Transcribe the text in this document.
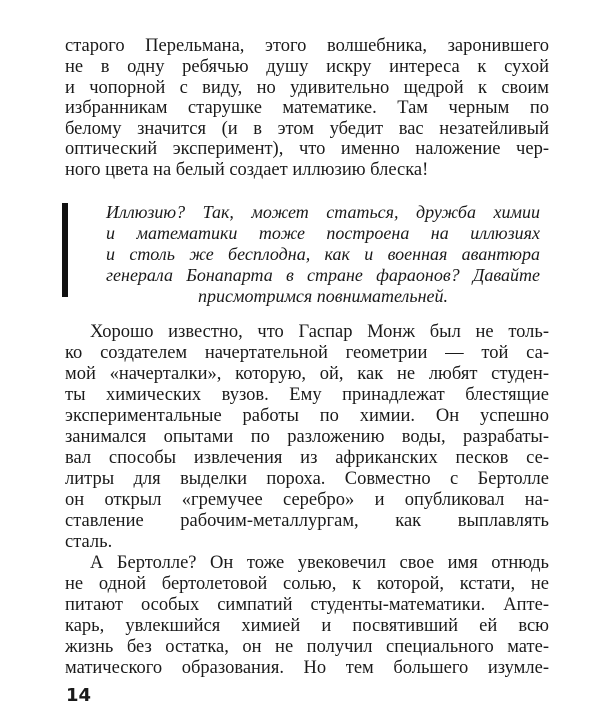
старого Перельмана, этого волшебника, заронившего
не в одну ребячью душу искру интереса к сухой
и чопорной с виду, но удивительно щедрой к своим
избранникам старушке математике. Там черным по
белому значится (и в этом убедит вас незатейливый
оптический эксперимент), что именно наложение чер-
ного цвета на белый создает иллюзию блеска!
Иллюзию? Так, может статься, дружба химии
и математики тоже построена на иллюзиях
и столь же бесплодна, как и военная авантюра
генерала Бонапарта в стране фараонов? Давайте
присмотримся повнимательней.
Хорошо известно, что Гаспар Монж был не толь-
ко создателем начертательной геометрии — той са-
мой «начерталки», которую, ой, как не любят студен-
ты химических вузов. Ему принадлежат блестящие
экспериментальные работы по химии. Он успешно
занимался опытами по разложению воды, разрабаты-
вал способы извлечения из африканских песков се-
литры для выделки пороха. Совместно с Бертолле
он открыл «гремучее серебро» и опубликовал на-
ставление рабочим-металлургам, как выплавлять
сталь.
А Бертолле? Он тоже увековечил свое имя отнюдь
не одной бертолетовой солью, к которой, кстати, не
питают особых симпатий студенты-математики. Апте-
карь, увлекшийся химией и посвятивший ей всю
жизнь без остатка, он не получил специального мате-
матического образования. Но тем большего изумле-
14
